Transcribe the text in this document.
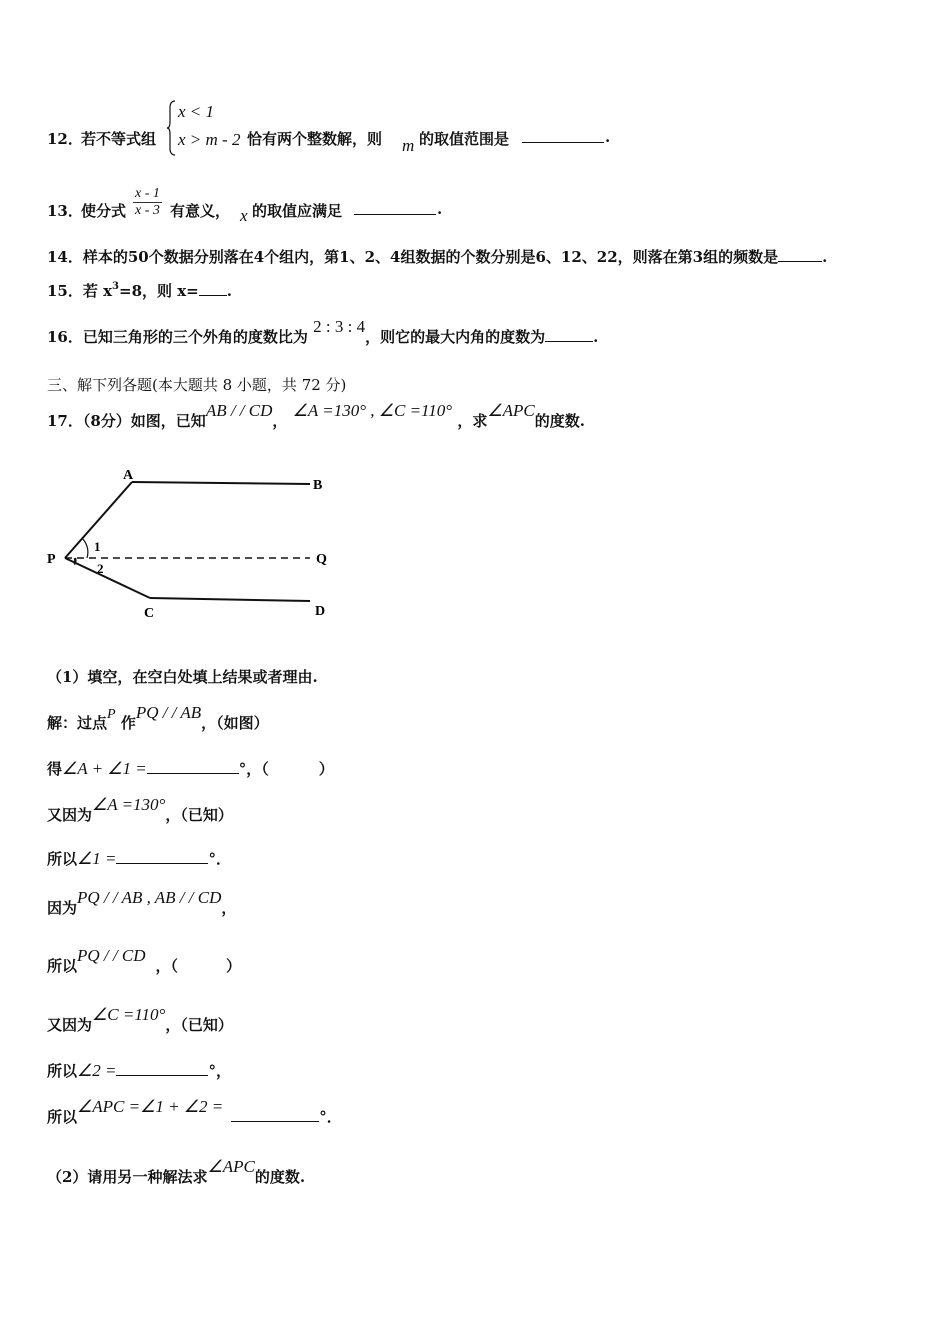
12．
若不等式组
x < 1
x > m - 2 恰有两个整数解，则 m 的取值范围是	.
13．
使分式 $\frac{x - 1}{x - 3}$ 有意义， x 的取值应满足	.
14．样本的50个数据分别落在4个组内，第1、2、4组数据的个数分别是6、12、22，则落在第3组的频数是	.
15．若 $x^3=8$，则 x= .
16．已知三角形的三个外角的度数比为 2 : 3 : 4，则它的最大内角的度数为	.
三、解下列各题(本大题共 8 小题，共 72 分)
17．（8分）如图，已知AB / / CD， ∠A =130° , ∠C =110° ，求∠APC的度数.
A
B
P	Q
C	D
1
2
（1）填空，在空白处填上结果或者理由.
解：过点P 作PQ / / AB，（如图）
得∠A + ∠1 =	°，（	）
又因为∠A =130°，（已知）
所以∠1 =	°．
因为PQ / / AB , AB / / CD，
所以PQ / / CD，（	）
又因为∠C =110°，（已知）
所以∠2 =	°，
所以∠APC =∠1 + ∠2 =°．
（2）请用另一种解法求∠APC的度数.
